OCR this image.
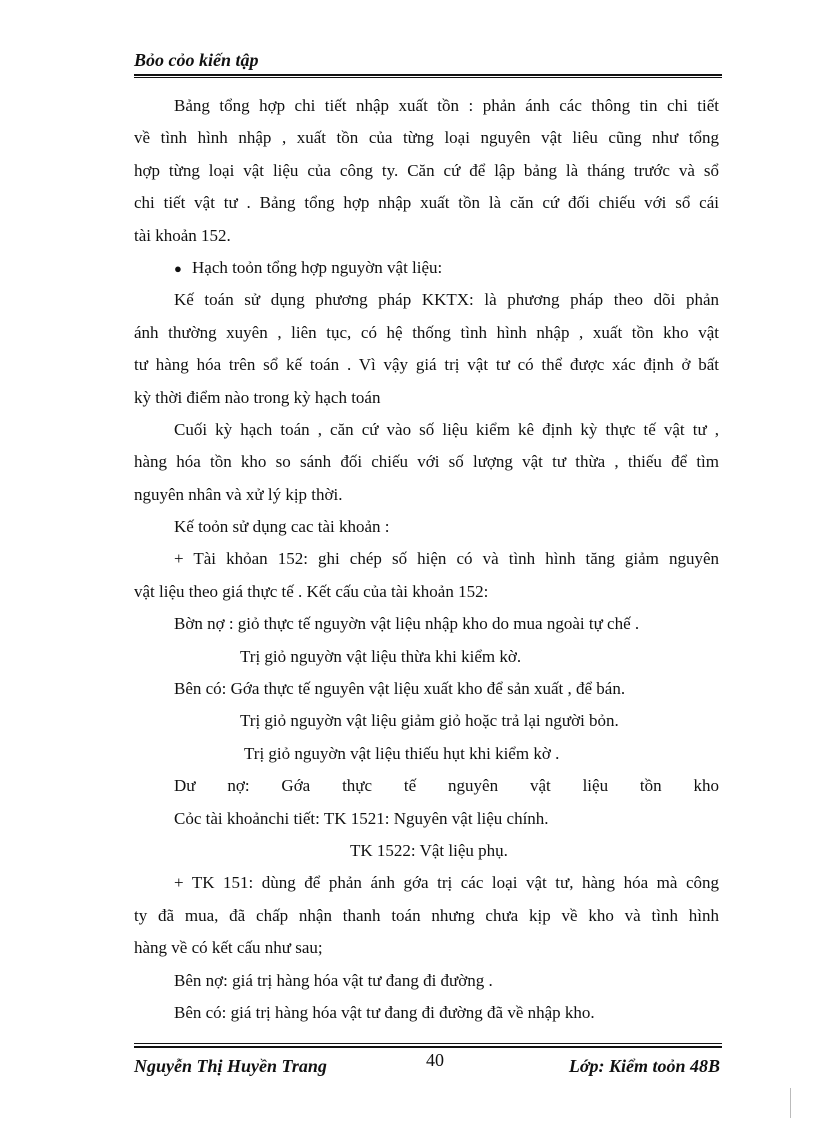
Bỏo cỏo kiến tập
Bảng tổng hợp chi tiết nhập xuất tồn : phản ánh các thông tin chi tiết
về tình hình nhập , xuất tồn của từng loại nguyên vật liêu cũng như tổng
hợp từng loại vật liệu của công ty. Căn cứ để lập bảng là tháng trước và sổ
chi tiết vật tư . Bảng tổng hợp nhập xuất tồn là căn cứ đối chiếu với sổ cái
tài khoản 152.
● Hạch toỏn tổng hợp nguyờn vật liệu:
Kế toán sử dụng phương pháp KKTX: là phương pháp theo dõi phản
ánh thường xuyên , liên tục, có hệ thống tình hình nhập , xuất tồn kho vật
tư hàng hóa trên sổ kế toán . Vì vậy giá trị vật tư có thể được xác định ở bất
kỳ thời điểm nào trong kỳ hạch toán
Cuối kỳ hạch toán , căn cứ vào số liệu kiểm kê định kỳ thực tế vật tư ,
hàng hóa tồn kho so sánh đối chiếu với số lượng vật tư thừa , thiếu để tìm
nguyên nhân và xử lý kịp thời.
Kế toỏn sử dụng cac tài khoản :
+ Tài khỏan 152: ghi chép số hiện có và tình hình tăng giảm nguyên
vật liệu theo giá thực tế . Kết cấu của tài khoản 152:
Bờn nợ : giỏ thực tế nguyờn vật liệu nhập kho do mua ngoài tự chế .
Trị giỏ nguyờn vật liệu thừa khi kiểm kờ.
Bên có: Gớa thực tế nguyên vật liệu xuất kho để sản xuất , để bán.
Trị giỏ nguyờn vật liệu giảm giỏ hoặc trả lại người bỏn.
Trị giỏ nguyờn vật liệu thiếu hụt khi kiểm kờ .
Dư nợ: Gớa thực tế nguyên vật liệu tồn kho
Cỏc tài khoảnchi tiết: TK 1521: Nguyên vật liệu chính.
TK 1522: Vật liệu phụ.
+ TK 151: dùng để phản ánh gớa trị các loại vật tư, hàng hóa mà công
ty đã mua, đã chấp nhận thanh toán nhưng chưa kịp về kho và tình hình
hàng về có kết cấu như sau;
Bên nợ: giá trị hàng hóa vật tư đang đi đường .
Bên có: giá trị hàng hóa vật tư đang đi đường đã về nhập kho.
Nguyễn Thị Huyền Trang	40	Lớp: Kiểm toỏn 48B
